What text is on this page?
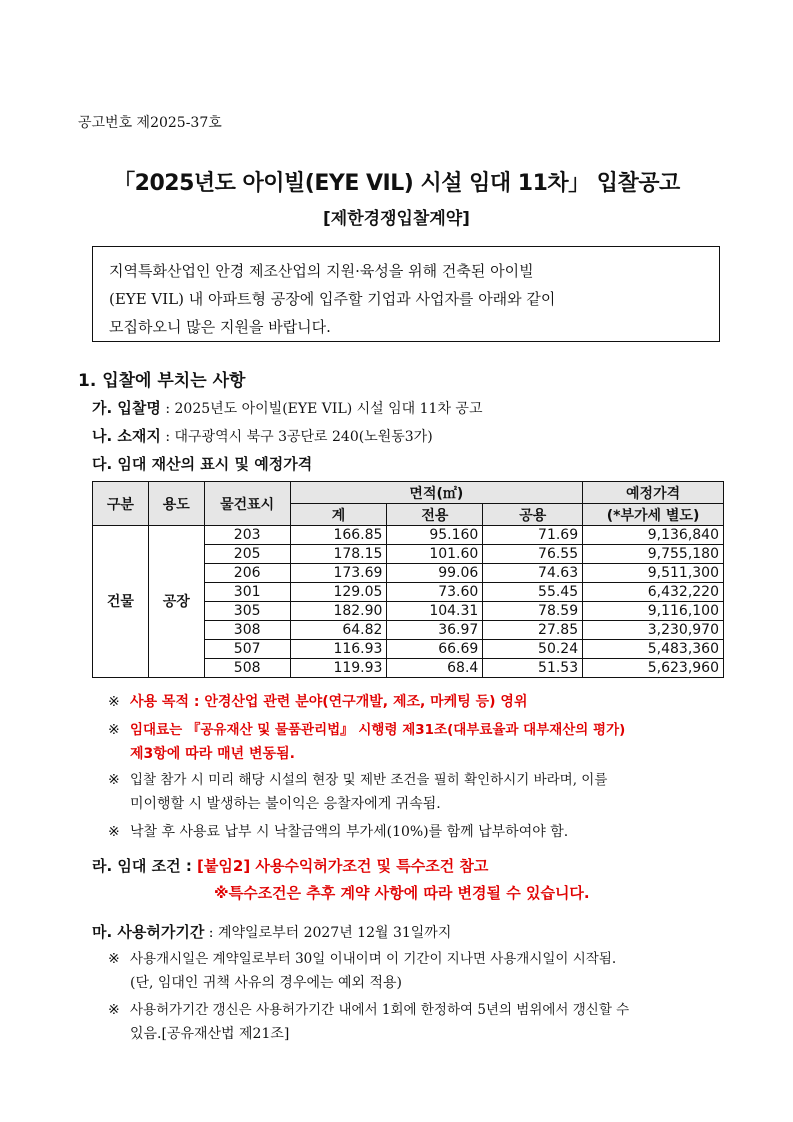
공고번호 제2025-37호
「2025년도 아이빌(EYE VIL) 시설 임대 11차」 입찰공고
[제한경쟁입찰계약]

지역특화산업인 안경 제조산업의 지원·육성을 위해 건축된 아이빌

(EYE VIL) 내 아파트형 공장에 입주할 기업과 사업자를 아래와 같이

모집하오니 많은 지원을 바랍니다.

1. 입찰에 부치는 사항
가. 입찰명 : 2025년도 아이빌(EYE VIL) 시설 임대 11차 공고
나. 소재지 : 대구광역시 북구 3공단로 240(노원동3가)
다. 임대 재산의 표시 및 예정가격
구분	용도	물건표시	면적(㎡)			예정가격
			계	전용	공용	(*부가세 별도)
건물	공장	203	166.85	95.160	71.69	9,136,840
		205	178.15	101.60	76.55	9,755,180
		206	173.69	99.06	74.63	9,511,300
		301	129.05	73.60	55.45	6,432,220
		305	182.90	104.31	78.59	9,116,100
		308	64.82	36.97	27.85	3,230,970
		507	116.93	66.69	50.24	5,483,360
		508	119.93	68.4	51.53	5,623,960
※ 사용 목적 : 안경산업 관련 분야(연구개발, 제조, 마케팅 등) 영위
※ 임대료는 『공유재산 및 물품관리법』 시행령 제31조(대부료율과 대부재산의 평가)
제3항에 따라 매년 변동됨.
※ 입찰 참가 시 미리 해당 시설의 현장 및 제반 조건을 필히 확인하시기 바라며, 이를
미이행할 시 발생하는 불이익은 응찰자에게 귀속됨.
※ 낙찰 후 사용료 납부 시 낙찰금액의 부가세(10%)를 함께 납부하여야 함.
라. 임대 조건 : [붙임2] 사용수익허가조건 및 특수조건 참고
※특수조건은 추후 계약 사항에 따라 변경될 수 있습니다.
마. 사용허가기간 : 계약일로부터 2027년 12월 31일까지
※ 사용개시일은 계약일로부터 30일 이내이며 이 기간이 지나면 사용개시일이 시작됨.
(단, 임대인 귀책 사유의 경우에는 예외 적용)
※ 사용허가기간 갱신은 사용허가기간 내에서 1회에 한정하여 5년의 범위에서 갱신할 수
있음.[공유재산법 제21조]
